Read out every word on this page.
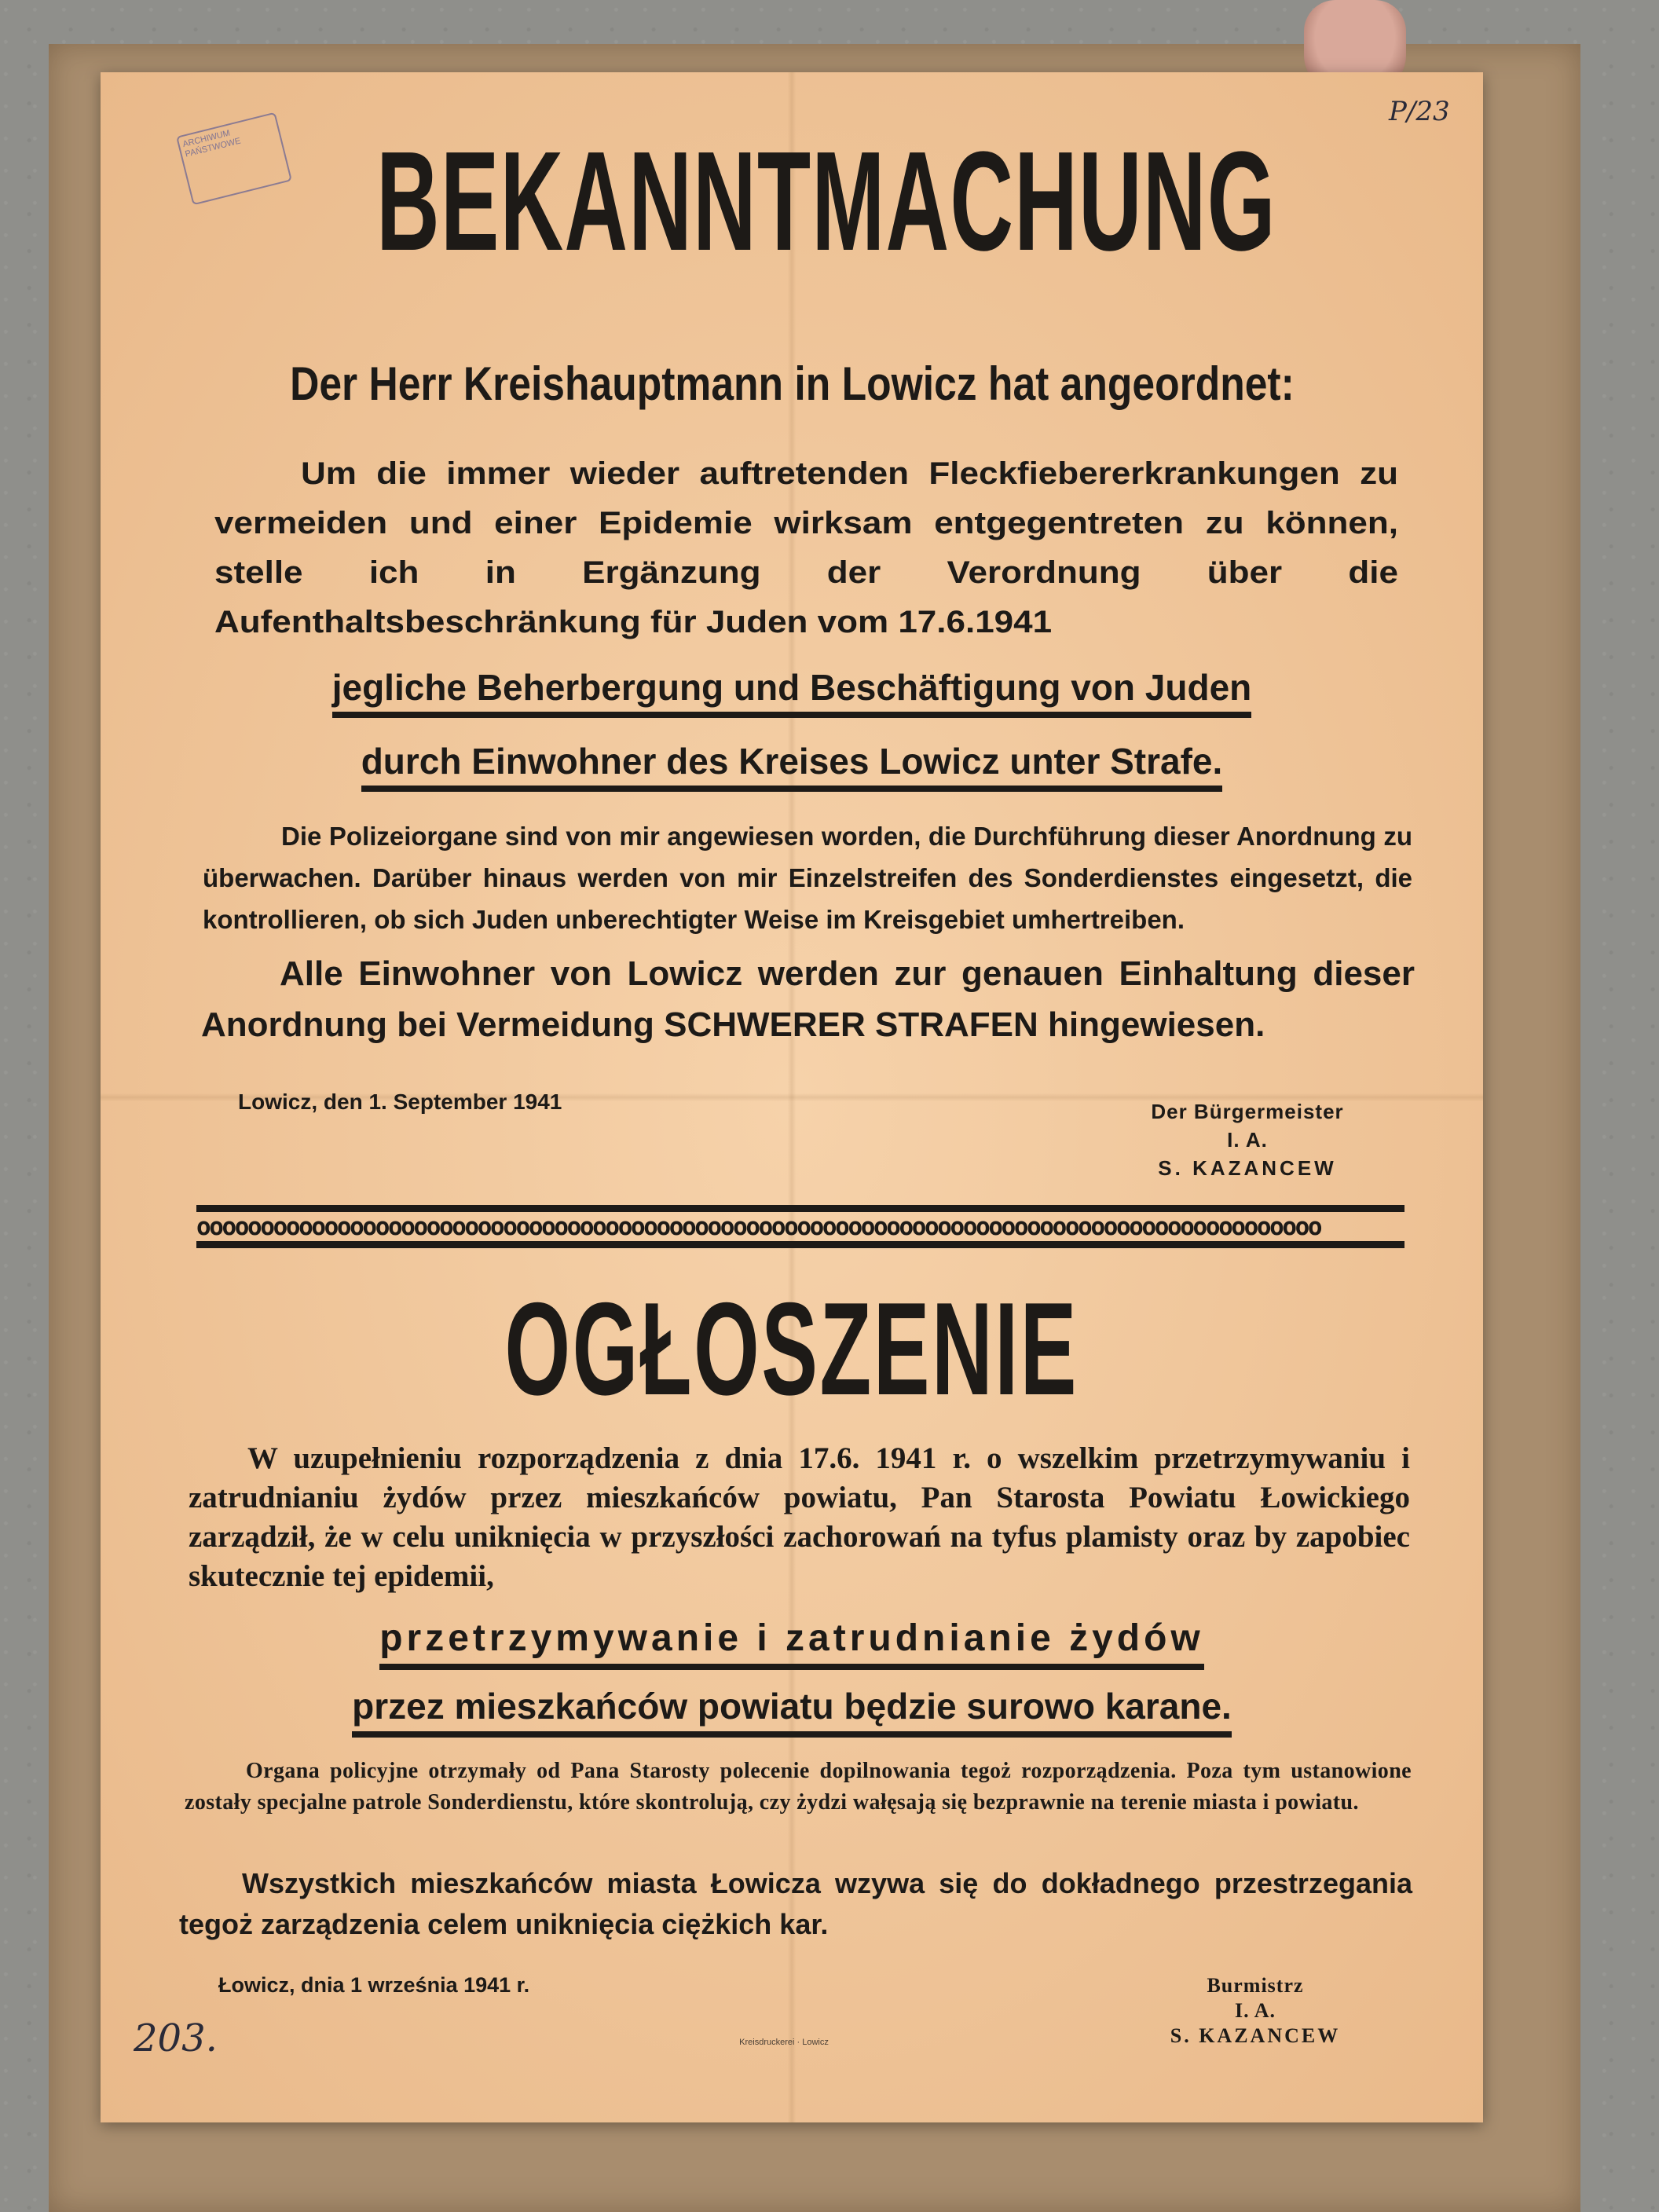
ARCHIWUM PAŃSTWOWE
P/23
BEKANNTMACHUNG
Der Herr Kreishauptmann in Lowicz hat angeordnet:
Um die immer wieder auftretenden Fleckfiebererkrankungen zu vermeiden und einer Epidemie wirksam entgegentreten zu können, stelle ich in Ergänzung der Verordnung über die Aufenthaltsbeschränkung für Juden vom 17.6.1941
jegliche Beherbergung und Beschäftigung von Juden
durch Einwohner des Kreises Lowicz unter Strafe.
Die Polizeiorgane sind von mir angewiesen worden, die Durchführung dieser Anordnung zu überwachen. Darüber hinaus werden von mir Einzelstreifen des Sonderdienstes eingesetzt, die kontrollieren, ob sich Juden unberechtigter Weise im Kreisgebiet umhertreiben.
Alle Einwohner von Lowicz werden zur genauen Einhaltung dieser Anordnung bei Vermeidung SCHWERER STRAFEN hingewiesen.
Lowicz, den 1. September 1941	Der Bürgermeister
I. A.
S. KAZANCEW
oooooooooooooooooooooooooooooooooooooooooooooooooooooooooooooooooooooooooooooooooooooooo
OGŁOSZENIE
W uzupełnieniu rozporządzenia z dnia 17.6. 1941 r. o wszelkim przetrzymywaniu i zatrudnianiu żydów przez mieszkańców powiatu, Pan Starosta Powiatu Łowickiego zarządził, że w celu uniknięcia w przyszłości zachorowań na tyfus plamisty oraz by zapobiec skutecznie tej epidemii,
przetrzymywanie i zatrudnianie żydów
przez mieszkańców powiatu będzie surowo karane.
Organa policyjne otrzymały od Pana Starosty polecenie dopilnowania tegoż rozporządzenia. Poza tym ustanowione zostały specjalne patrole Sonderdienstu, które skontrolują, czy żydzi wałęsają się bezprawnie na terenie miasta i powiatu.
Wszystkich mieszkańców miasta Łowicza wzywa się do dokładnego przestrzegania tegoż zarządzenia celem uniknięcia ciężkich kar.
Łowicz, dnia 1 września 1941 r.	Burmistrz
I. A.
S. KAZANCEW
203.	Kreisdruckerei · Lowicz
